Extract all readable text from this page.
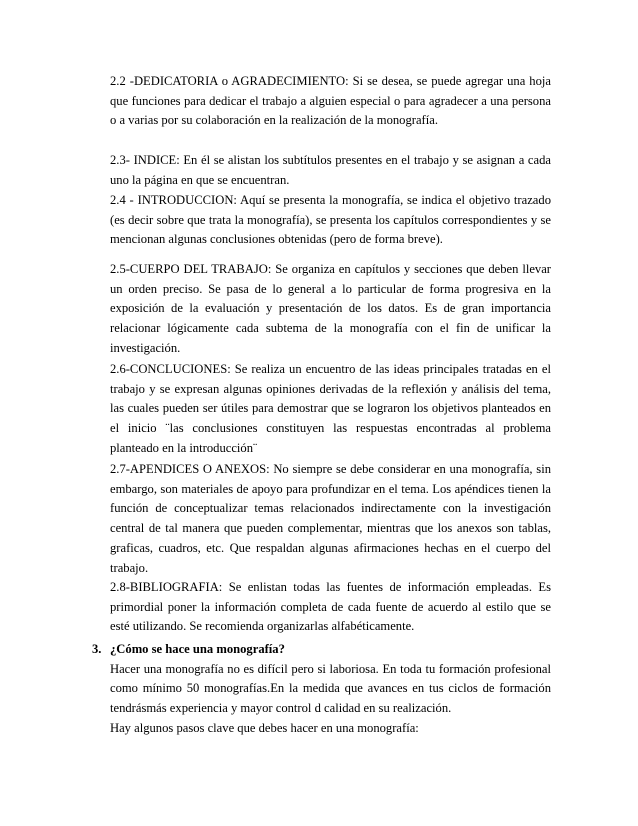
2.2 -DEDICATORIA o AGRADECIMIENTO: Si se desea, se puede agregar una hoja que funciones para dedicar el trabajo a alguien especial o para agradecer a una persona o a varias por su colaboración en la realización de la monografía.

2.3- INDICE: En él se alistan los subtítulos presentes en el trabajo y se asignan a cada uno la página en que se encuentran.

2.4 - INTRODUCCION: Aquí se presenta la monografía, se indica el objetivo trazado (es decir sobre que trata la monografía), se presenta los capítulos correspondientes y se mencionan algunas conclusiones obtenidas (pero de forma breve).

2.5-CUERPO DEL TRABAJO: Se organiza en capítulos y secciones que deben llevar un orden preciso. Se pasa de lo general a lo particular de forma progresiva en la exposición de la evaluación y presentación de los datos. Es de gran importancia relacionar lógicamente cada subtema de la monografía con el fin de unificar la investigación.

2.6-CONCLUCIONES: Se realiza un encuentro de las ideas principales tratadas en el trabajo y se expresan algunas opiniones derivadas de la reflexión y análisis del tema, las cuales pueden ser útiles para demostrar que se lograron los objetivos planteados en el inicio ¨las conclusiones constituyen las respuestas encontradas al problema planteado en la introducción¨

2.7-APENDICES O ANEXOS: No siempre se debe considerar en una monografía, sin embargo, son materiales de apoyo para profundizar en el tema. Los apéndices tienen la función de conceptualizar temas relacionados indirectamente con la investigación central de tal manera que pueden complementar, mientras que los anexos son tablas, graficas, cuadros, etc. Que respaldan algunas afirmaciones hechas en el cuerpo del trabajo.

2.8-BIBLIOGRAFIA: Se enlistan todas las fuentes de información empleadas. Es primordial poner la información completa de cada fuente de acuerdo al estilo que se esté utilizando. Se recomienda organizarlas alfabéticamente.

3. ¿Cómo se hace una monografía?

Hacer una monografía no es difícil pero si laboriosa. En toda tu formación profesional como mínimo 50 monografías.En la medida que avances en tus ciclos de formación tendrásmás experiencia y mayor control d calidad en su realización.

Hay algunos pasos clave que debes hacer en una monografía:
